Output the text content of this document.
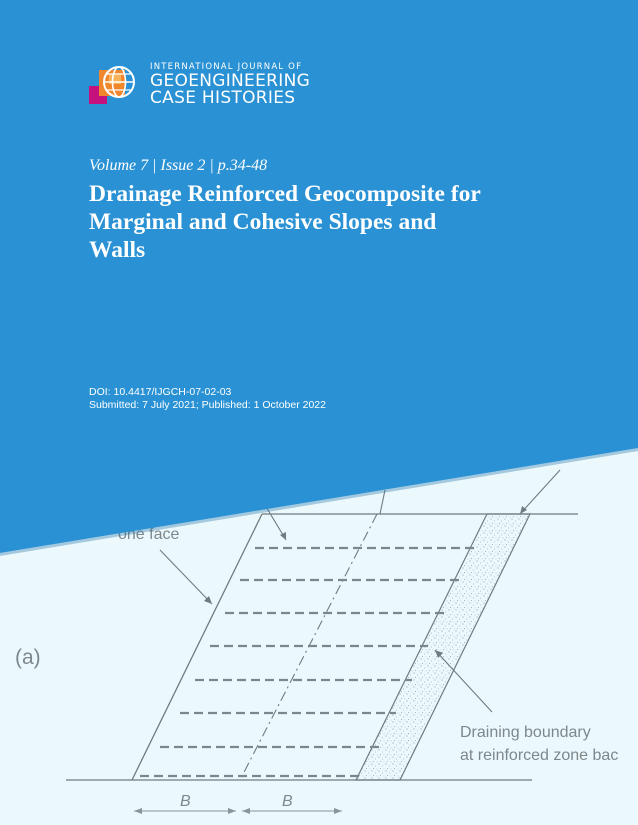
(a)
one face
Draining boundary
at reinforced zone bac
B	B
INTERNATIONAL JOURNAL OF
GEOENGINEERING
CASE HISTORIES
Volume 7 | Issue 2 | p.34-48
Drainage Reinforced Geocomposite for
Marginal and Cohesive Slopes and
Walls
DOI: 10.4417/IJGCH-07-02-03
Submitted: 7 July 2021; Published: 1 October 2022
